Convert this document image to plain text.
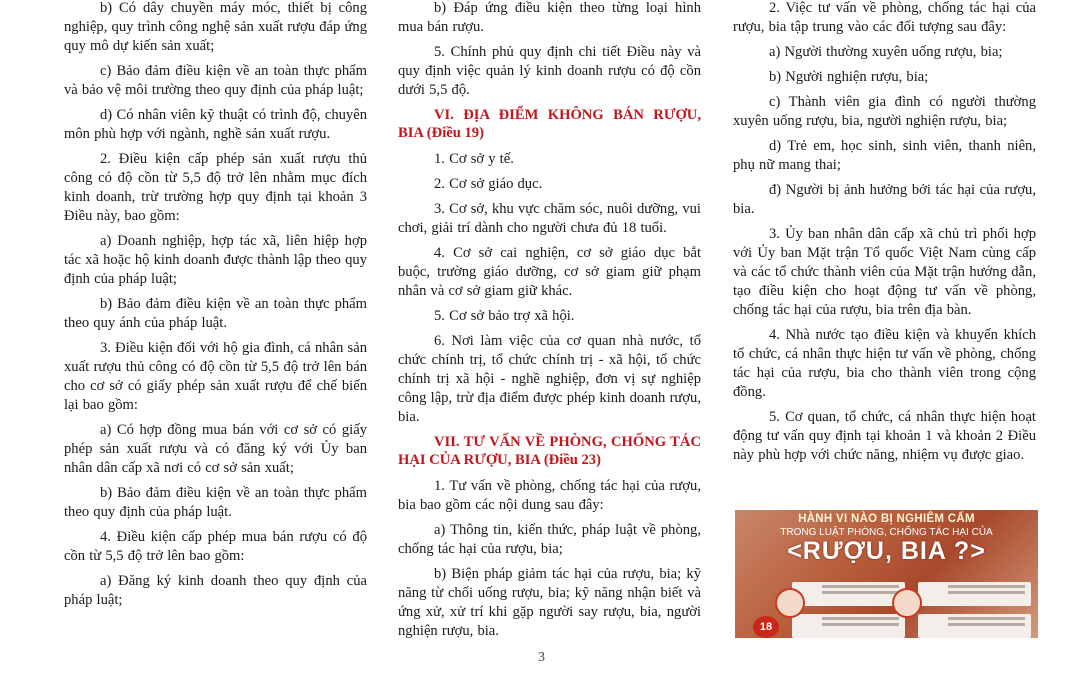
b) Có dây chuyền máy móc, thiết bị công nghiệp, quy trình công nghệ sản xuất rượu đáp ứng quy mô dự kiến sản xuất;

c) Bảo đảm điều kiện về an toàn thực phẩm và bảo vệ môi trường theo quy định của pháp luật;

d) Có nhân viên kỹ thuật có trình độ, chuyên môn phù hợp với ngành, nghề sản xuất rượu.

2. Điều kiện cấp phép sản xuất rượu thủ công có độ cồn từ 5,5 độ trở lên nhằm mục đích kinh doanh, trừ trường hợp quy định tại khoản 3 Điều này, bao gồm:

a) Doanh nghiệp, hợp tác xã, liên hiệp hợp tác xã hoặc hộ kinh doanh được thành lập theo quy định của pháp luật;

b) Bảo đảm điều kiện về an toàn thực phẩm theo quy ánh của pháp luật.

3. Điều kiện đối với hộ gia đình, cá nhân sản xuất rượu thủ công có độ cồn từ 5,5 độ trở lên bán cho cơ sở có giấy phép sản xuất rượu để chế biến lại bao gồm:

a) Có hợp đồng mua bán với cơ sở có giấy phép sản xuất rượu và có đăng ký với Ủy ban nhân dân cấp xã nơi có cơ sở sản xuất;

b) Bảo đảm điều kiện về an toàn thực phẩm theo quy định của pháp luật.

4. Điều kiện cấp phép mua bán rượu có độ cồn từ 5,5 độ trở lên bao gồm:

a) Đăng ký kinh doanh theo quy định của pháp luật;

b) Đáp ứng điều kiện theo từng loại hình mua bán rượu.

5. Chính phủ quy định chi tiết Điều này và quy định việc quản lý kinh doanh rượu có độ cồn dưới 5,5 độ.

VI. ĐỊA ĐIỂM KHÔNG BÁN RƯỢU, BIA (Điều 19)

1. Cơ sở y tế.

2. Cơ sở giáo dục.

3. Cơ sở, khu vực chăm sóc, nuôi dưỡng, vui chơi, giải trí dành cho người chưa đủ 18 tuổi.

4. Cơ sở cai nghiện, cơ sở giáo dục bắt buộc, trường giáo dưỡng, cơ sở giam giữ phạm nhân và cơ sở giam giữ khác.

5. Cơ sở bảo trợ xã hội.

6. Nơi làm việc của cơ quan nhà nước, tổ chức chính trị, tổ chức chính trị - xã hội, tổ chức chính trị xã hội - nghề nghiệp, đơn vị sự nghiệp công lập, trừ địa điểm được phép kinh doanh rượu, bia.

VII. TƯ VẤN VỀ PHÒNG, CHỐNG TÁC HẠI CỦA RƯỢU, BIA (Điều 23)

1. Tư vấn về phòng, chống tác hại của rượu, bia bao gồm các nội dung sau đây:

a) Thông tin, kiến thức, pháp luật về phòng, chống tác hại của rượu, bia;

b) Biện pháp giảm tác hại của rượu, bia; kỹ năng từ chối uống rượu, bia; kỹ năng nhận biết và ứng xử, xử trí khi gặp người say rượu, bia, người nghiện rượu, bia.

2. Việc tư vấn về phòng, chống tác hại của rượu, bia tập trung vào các đối tượng sau đây:

a) Người thường xuyên uống rượu, bia;

b) Người nghiện rượu, bia;

c) Thành viên gia đình có người thường xuyên uống rượu, bia, người nghiện rượu, bia;

d) Trẻ em, học sinh, sinh viên, thanh niên, phụ nữ mang thai;

đ) Người bị ảnh hưởng bởi tác hại của rượu, bia.

3. Ủy ban nhân dân cấp xã chủ trì phối hợp với Ủy ban Mặt trận Tổ quốc Việt Nam cùng cấp và các tổ chức thành viên của Mặt trận hướng dẫn, tạo điều kiện cho hoạt động tư vấn về phòng, chống tác hại của rượu, bia trên địa bàn.

4. Nhà nước tạo điều kiện và khuyến khích tổ chức, cá nhân thực hiện tư vấn về phòng, chống tác hại của rượu, bia cho thành viên trong cộng đồng.

5. Cơ quan, tổ chức, cá nhân thực hiện hoạt động tư vấn quy định tại khoản 1 và khoản 2 Điều này phù hợp với chức năng, nhiệm vụ được giao.

HÀNH VI NÀO BỊ NGHIÊM CẤM
TRONG LUẬT PHÒNG, CHỐNG TÁC HẠI CỦA
<RƯỢU, BIA ?>
18
3
